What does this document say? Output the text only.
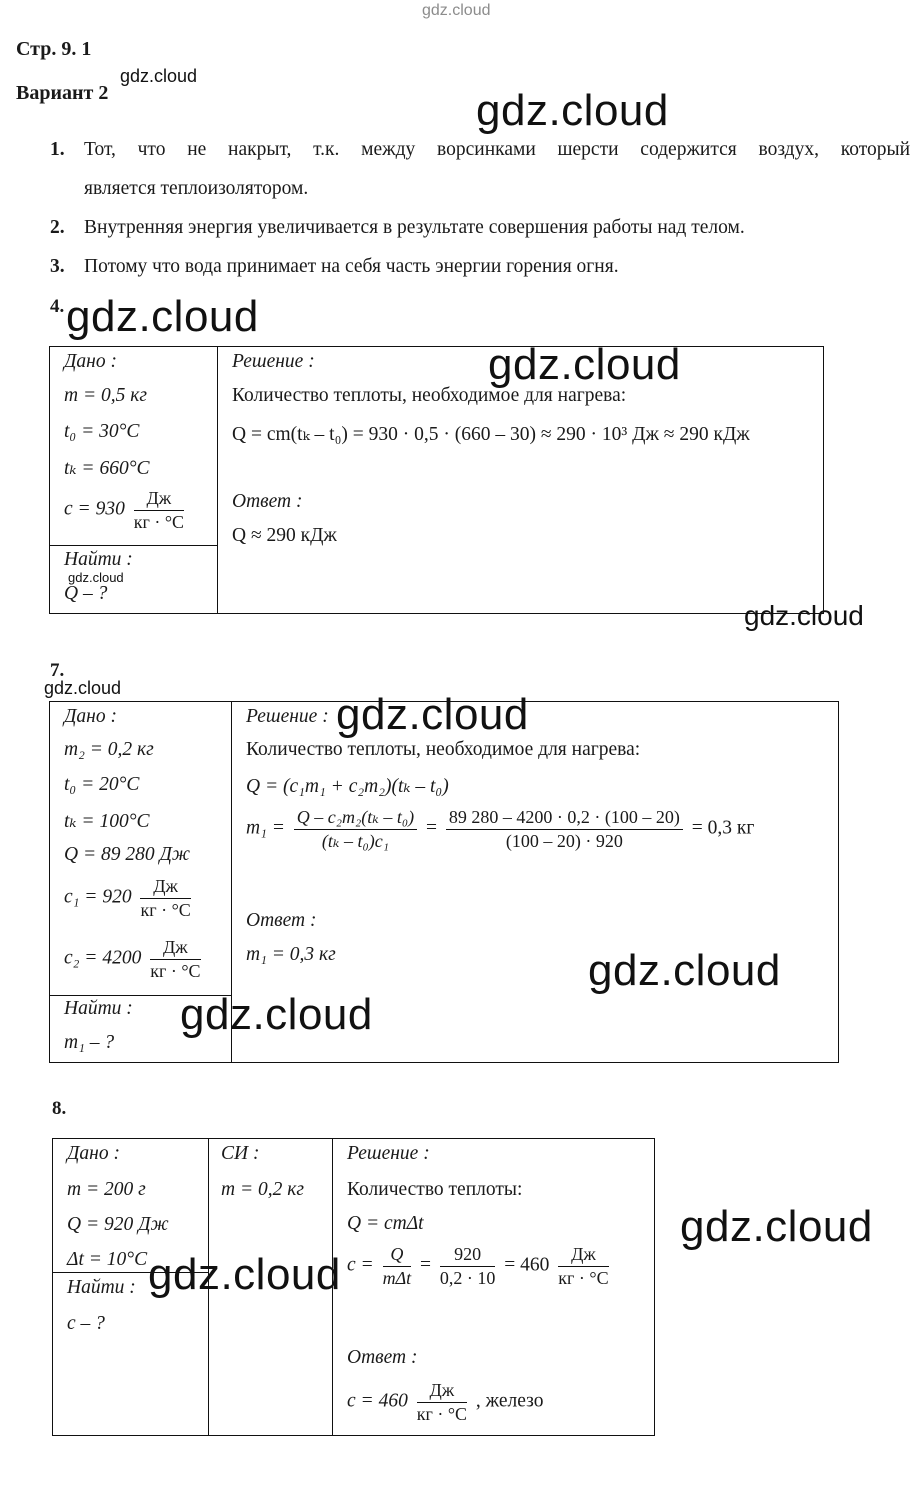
gdz.cloud
gdz.cloud
gdz.cloud
gdz.cloud
gdz.cloud
gdz.cloud
gdz.cloud
gdz.cloud
Стр. 9. 1
Вариант 2
1. Тот, что не накрыт, т.к. между ворсинками шерсти содержится воздух, который
является теплоизолятором.
2. Внутренняя энергия увеличивается в результате совершения работы над телом.
3. Потому что вода принимает на себя часть энергии горения огня.
4.
Дано :
m = 0,5 кг
t₀ = 30°C
tₖ = 660°C
$c = 930 \frac{Дж}{кг \cdot ^\circ C}$
Найти :
Q – ?
Решение :
Количество теплоты, необходимое для нагрева:
Q = cm(tₖ – t₀) = 930 · 0,5 · (660 – 30) ≈ 290 · 10³ Дж ≈ 290 кДж
Ответ :
Q ≈ 290 кДж
7.
Дано :
m₂ = 0,2 кг
t₀ = 20°C
tₖ = 100°C
Q = 89 280 Дж
$c_1 = 920 \frac{Дж}{кг \cdot ^\circ C}$
$c_2 = 4200 \frac{Дж}{кг \cdot ^\circ C}$
Найти :
m₁ – ?
Решение :
Количество теплоты, необходимое для нагрева:
Q = (c₁m₁ + c₂m₂)(tₖ – t₀)
$m_1 = \frac{\text{Q – c₂m₂(tₖ – t₀)}}{\text{(tₖ – t₀)c₁}} = \frac{89 280 - 4200 \cdot 0,2 \cdot (100 - 20)}{(100 - 20) \cdot 920} = 0,3$ кг
Ответ :
m₁ = 0,3 кг
gdz.cloud
gdz.cloud
gdz.cloud
8.
Дано :
m = 200 г
Q = 920 Дж
Δt = 10°C
Найти :
c – ?
СИ :
m = 0,2 кг
Решение :
Количество теплоты:
Q = cmΔt
$c = \frac{Q}{\text{mΔt}} = \frac{920}{0,2 \cdot 10} = 460 \frac{Дж}{кг \cdot ^\circ C}$
Ответ :
$c = 460 \frac{Дж}{кг \cdot ^\circ C}$ , железо
gdz.cloud
gdz.cloud
